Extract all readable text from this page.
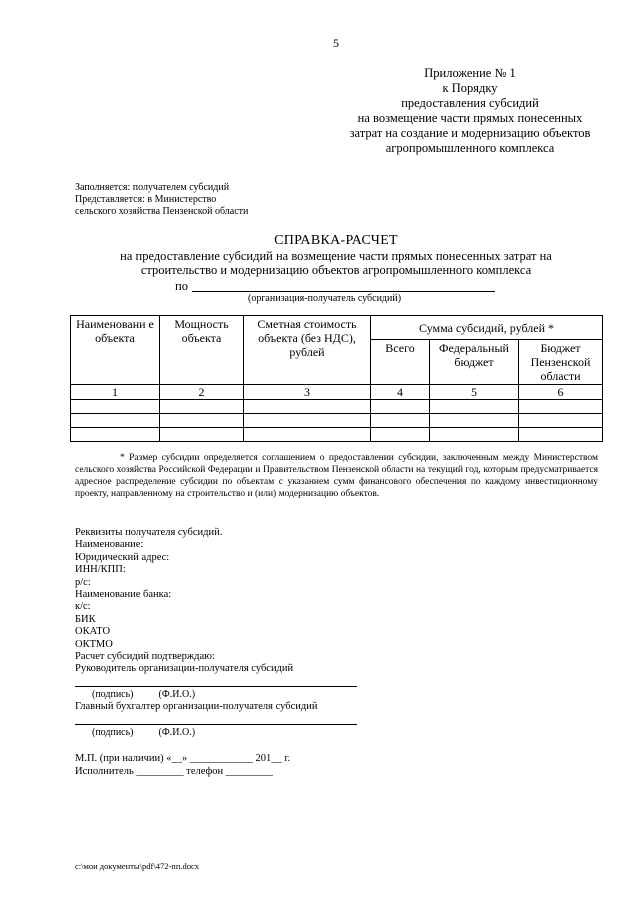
5
Приложение № 1
к Порядку
предоставления субсидий
на возмещение части прямых понесенных
затрат на создание и модернизацию объектов
агропромышленного комплекса
Заполняется: получателем субсидий
Представляется: в Министерство
сельского хозяйства Пензенской области
СПРАВКА-РАСЧЕТ
на предоставление субсидий на возмещение части прямых понесенных затрат на
строительство и модернизацию объектов агропромышленного комплекса
по
(организация-получатель субсидий)
Наименовани е объекта	Мощность объекта	Сметная стоимость объекта (без НДС), рублей	Сумма субсидий, рублей *		
			Всего	Федеральный бюджет	Бюджет Пензенской области
1	2	3	4	5	6

* Размер субсидии определяется соглашением о предоставлении субсидии, заключенным между Министерством сельского хозяйства Российской Федерации и Правительством Пензенской области на текущий год, которым предусматривается адресное распределение субсидии по объектам с указанием сумм финансового обеспечения по каждому инвестиционному проекту, направленному на строительство и (или) модернизацию объектов.
Реквизиты получателя субсидий.
Наименование:
Юридический адрес:
ИНН/КПП:
р/с:
Наименование банка:
к/с:
БИК
ОКАТО
ОКТМО
Расчет субсидий подтверждаю:
Руководитель организации-получателя субсидий
(подпись)          (Ф.И.О.)
Главный бухгалтер организации-получателя субсидий
(подпись)          (Ф.И.О.)
М.П. (при наличии) «__» ____________ 201__ г.
Исполнитель _________ телефон _________
c:\мои документы\pdf\472-пп.docx
